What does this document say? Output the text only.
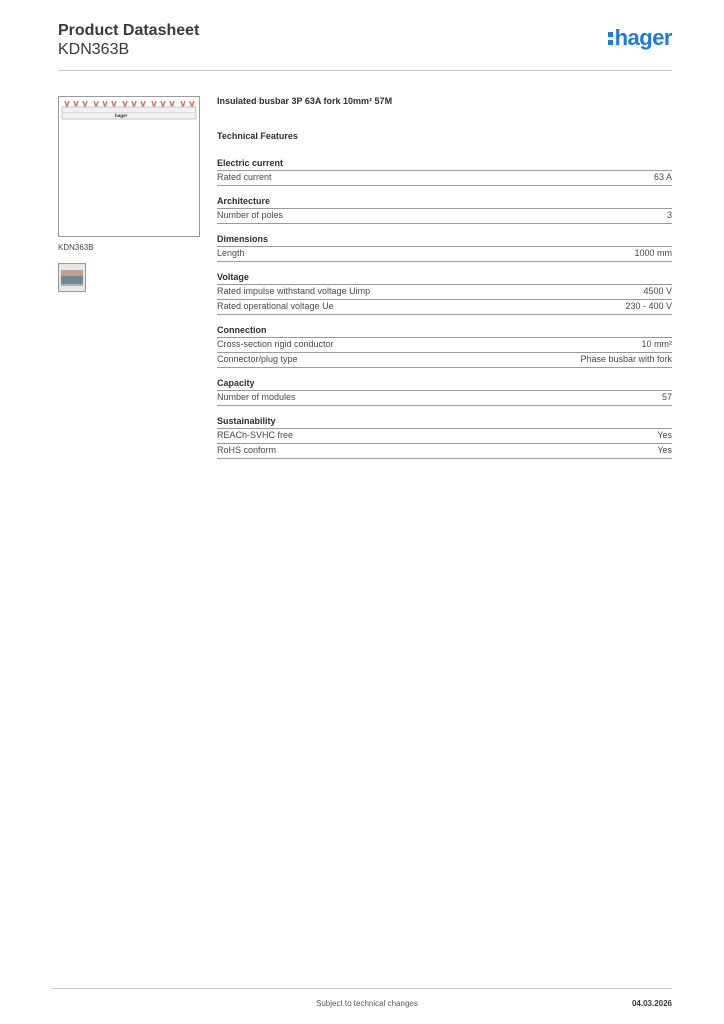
Product Datasheet
KDN363B	hager
hager
KDN363B
Insulated busbar 3P 63A fork 10mm² 57M
Technical Features
Electric current
Rated current	63 A
Architecture
Number of poles	3
Dimensions
Length	1000 mm
Voltage
Rated impulse withstand voltage Uimp	4500 V
Rated operational voltage Ue	230 - 400 V
Connection
Cross-section rigid conductor	10 mm²
Connector/plug type	Phase busbar with fork
Capacity
Number of modules	57
Sustainability
REACh-SVHC free	Yes
RoHS conform	Yes
Subject to technical changes	04.03.2026
